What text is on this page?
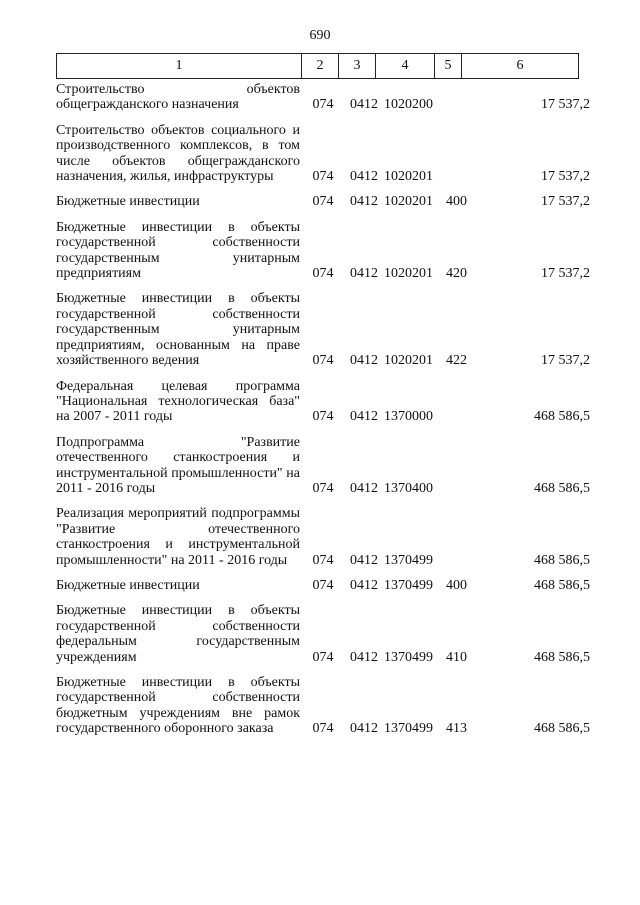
690
1	2	3	4	5	6
Строительство объектов общегражданского назначения	074	0412 1020200	17 537,2
Строительство объектов социального и производственного комплексов, в том числе объектов общегражданского назначения, жилья, инфраструктуры	074	0412 1020201	17 537,2
Бюджетные инвестиции	074	0412 1020201 400	17 537,2
Бюджетные инвестиции в объекты государственной собственности государственным унитарным предприятиям	074	0412 1020201 420	17 537,2
Бюджетные инвестиции в объекты государственной собственности государственным унитарным предприятиям, основанным на праве хозяйственного ведения	074	0412 1020201 422	17 537,2
Федеральная целевая программа "Национальная технологическая база" на 2007 - 2011 годы	074	0412 1370000	468 586,5
Подпрограмма "Развитие отечественного станкостроения и инструментальной промышленности" на 2011 - 2016 годы	074	0412 1370400	468 586,5
Реализация мероприятий подпрограммы "Развитие отечественного станкостроения и инструментальной промышленности" на 2011 - 2016 годы	074	0412 1370499	468 586,5
Бюджетные инвестиции	074	0412 1370499 400	468 586,5
Бюджетные инвестиции в объекты государственной собственности федеральным государственным учреждениям	074	0412 1370499 410	468 586,5
Бюджетные инвестиции в объекты государственной собственности бюджетным учреждениям вне рамок государственного оборонного заказа	074	0412 1370499 413	468 586,5
